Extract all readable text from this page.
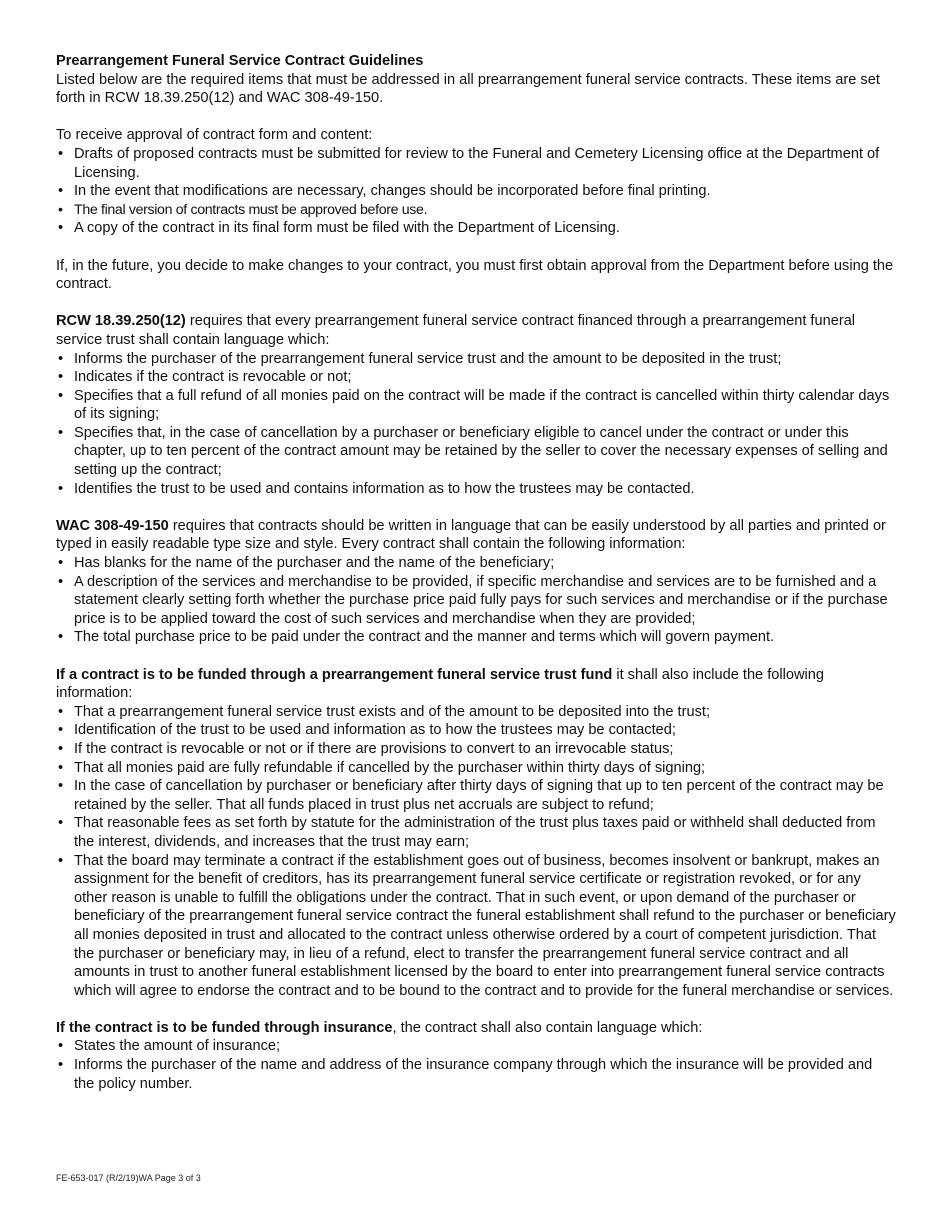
Prearrangement Funeral Service Contract Guidelines

Listed below are the required items that must be addressed in all prearrangement funeral service contracts. These items are set forth in RCW 18.39.250(12) and WAC 308-49-150.

To receive approval of contract form and content:

• Drafts of proposed contracts must be submitted for review to the Funeral and Cemetery Licensing office at the Department of Licensing.
• In the event that modifications are necessary, changes should be incorporated before final printing.
• The final version of contracts must be approved before use.
• A copy of the contract in its final form must be filed with the Department of Licensing.

If, in the future, you decide to make changes to your contract, you must first obtain approval from the Department before using the contract.

RCW 18.39.250(12) requires that every prearrangement funeral service contract financed through a prearrangement funeral service trust shall contain language which:

• Informs the purchaser of the prearrangement funeral service trust and the amount to be deposited in the trust;
• Indicates if the contract is revocable or not;
• Specifies that a full refund of all monies paid on the contract will be made if the contract is cancelled within thirty calendar days of its signing;
• Specifies that, in the case of cancellation by a purchaser or beneficiary eligible to cancel under the contract or under this chapter, up to ten percent of the contract amount may be retained by the seller to cover the necessary expenses of selling and setting up the contract;
• Identifies the trust to be used and contains information as to how the trustees may be contacted.

WAC 308-49-150 requires that contracts should be written in language that can be easily understood by all parties and printed or typed in easily readable type size and style. Every contract shall contain the following information:

• Has blanks for the name of the purchaser and the name of the beneficiary;
• A description of the services and merchandise to be provided, if specific merchandise and services are to be furnished and a statement clearly setting forth whether the purchase price paid fully pays for such services and merchandise or if the purchase price is to be applied toward the cost of such services and merchandise when they are provided;
• The total purchase price to be paid under the contract and the manner and terms which will govern payment.

If a contract is to be funded through a prearrangement funeral service trust fund it shall also include the following information:

• That a prearrangement funeral service trust exists and of the amount to be deposited into the trust;
• Identification of the trust to be used and information as to how the trustees may be contacted;
• If the contract is revocable or not or if there are provisions to convert to an irrevocable status;
• That all monies paid are fully refundable if cancelled by the purchaser within thirty days of signing;
• In the case of cancellation by purchaser or beneficiary after thirty days of signing that up to ten percent of the contract may be retained by the seller. That all funds placed in trust plus net accruals are subject to refund;
• That reasonable fees as set forth by statute for the administration of the trust plus taxes paid or withheld shall deducted from the interest, dividends, and increases that the trust may earn;
• That the board may terminate a contract if the establishment goes out of business, becomes insolvent or bankrupt, makes an assignment for the benefit of creditors, has its prearrangement funeral service certificate or registration revoked, or for any other reason is unable to fulfill the obligations under the contract. That in such event, or upon demand of the purchaser or beneficiary of the prearrangement funeral service contract the funeral establishment shall refund to the purchaser or beneficiary all monies deposited in trust and allocated to the contract unless otherwise ordered by a court of competent jurisdiction. That the purchaser or beneficiary may, in lieu of a refund, elect to transfer the prearrangement funeral service contract and all amounts in trust to another funeral establishment licensed by the board to enter into prearrangement funeral service contracts which will agree to endorse the contract and to be bound to the contract and to provide for the funeral merchandise or services.

If the contract is to be funded through insurance, the contract shall also contain language which:

• States the amount of insurance;
• Informs the purchaser of the name and address of the insurance company through which the insurance will be provided and the policy number.
FE-653-017 (R/2/19)WA Page 3 of 3
